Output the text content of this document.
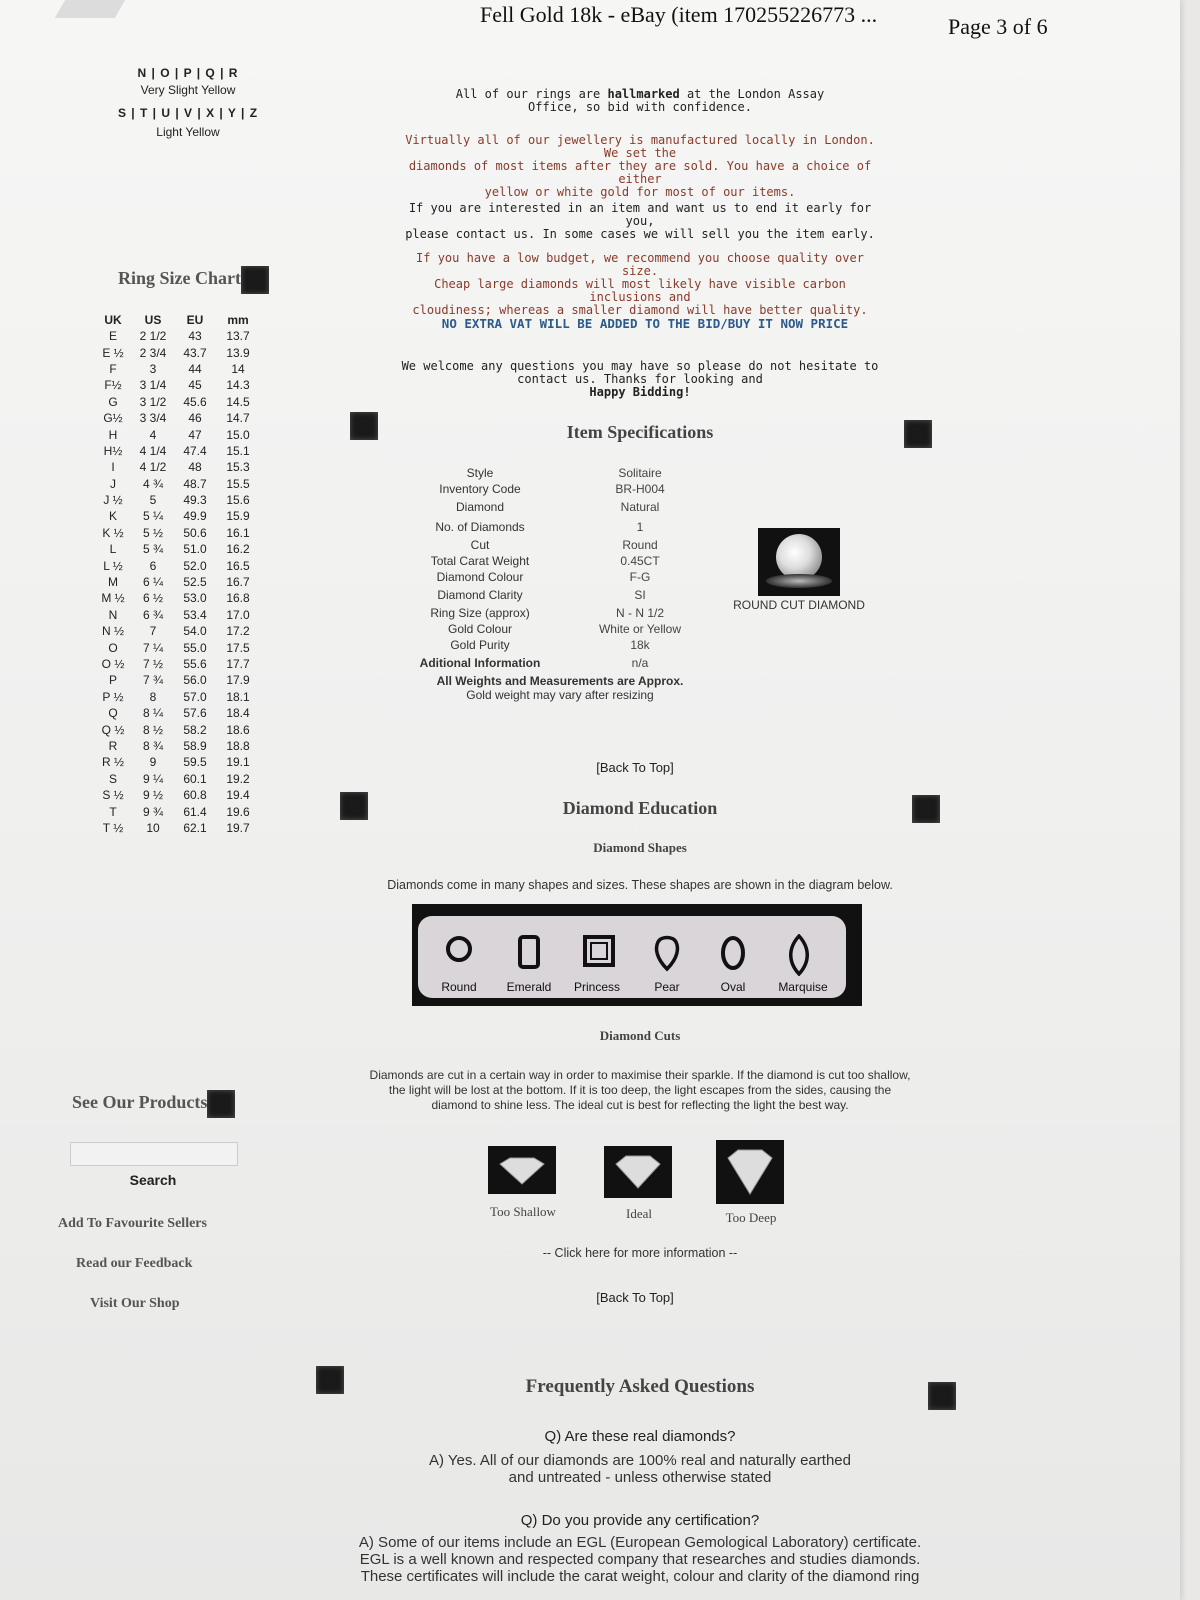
Fell Gold 18k - eBay (item 170255226773 ...	Page 3 of 6
N | O | P | Q | R
Very Slight Yellow
S | T | U | V | X | Y | Z
Light Yellow
Ring Size Chart
UK	US	EU	mm
E	2 1/2	43	13.7
E ½	2 3/4	43.7	13.9
F	3	44	14
F½	3 1/4	45	14.3
G	3 1/2	45.6	14.5
G½	3 3/4	46	14.7
H	4	47	15.0
H½	4 1/4	47.4	15.1
I	4 1/2	48	15.3
J	4 ¾	48.7	15.5
J ½	5	49.3	15.6
K	5 ¼	49.9	15.9
K ½	5 ½	50.6	16.1
L	5 ¾	51.0	16.2
L ½	6	52.0	16.5
M	6 ¼	52.5	16.7
M ½	6 ½	53.0	16.8
N	6 ¾	53.4	17.0
N ½	7	54.0	17.2
O	7 ¼	55.0	17.5
O ½	7 ½	55.6	17.7
P	7 ¾	56.0	17.9
P ½	8	57.0	18.1
Q	8 ¼	57.6	18.4
Q ½	8 ½	58.2	18.6
R	8 ¾	58.9	18.8
R ½	9	59.5	19.1
S	9 ¼	60.1	19.2
S ½	9 ½	60.8	19.4
T	9 ¾	61.4	19.6
T ½	10	62.1	19.7
All of our rings are hallmarked at the London Assay
Office, so bid with confidence.
Virtually all of our jewellery is manufactured locally in London. We set the
diamonds of most items after they are sold. You have a choice of either
yellow or white gold for most of our items.
If you are interested in an item and want us to end it early for you,
please contact us. In some cases we will sell you the item early.
If you have a low budget, we recommend you choose quality over size.
Cheap large diamonds will most likely have visible carbon inclusions and
cloudiness; whereas a smaller diamond will have better quality.
NO EXTRA VAT WILL BE ADDED TO THE BID/BUY IT NOW PRICE
We welcome any questions you may have so please do not hesitate to
contact us. Thanks for looking and
Happy Bidding!
Item Specifications
Style	Solitaire
Inventory Code	BR-H004
Diamond	Natural
No. of Diamonds	1
Cut	Round
Total Carat Weight	0.45CT
Diamond Colour	F-G
Diamond Clarity	SI
Ring Size (approx)	N - N 1/2
Gold Colour	White or Yellow
Gold Purity	18k
Aditional Information	n/a
All Weights and Measurements are Approx.
Gold weight may vary after resizing
ROUND CUT DIAMOND
[Back To Top]
Diamond Education
Diamond Shapes
Diamonds come in many shapes and sizes. These shapes are shown in the diagram below.
Round	Emerald	Princess	Pear	Oval	Marquise
Diamond Cuts
Diamonds are cut in a certain way in order to maximise their sparkle. If the diamond is cut too shallow,
the light will be lost at the bottom. If it is too deep, the light escapes from the sides, causing the
diamond to shine less. The ideal cut is best for reflecting the light the best way.
Too Shallow	Ideal	Too Deep
-- Click here for more information --
[Back To Top]
See Our Products
Search
Add To Favourite Sellers
Read our Feedback
Visit Our Shop
Frequently Asked Questions
Q) Are these real diamonds?
A) Yes. All of our diamonds are 100% real and naturally earthed
and untreated - unless otherwise stated
Q) Do you provide any certification?
A) Some of our items include an EGL (European Gemological Laboratory) certificate.
EGL is a well known and respected company that researches and studies diamonds.
These certificates will include the carat weight, colour and clarity of the diamond ring
